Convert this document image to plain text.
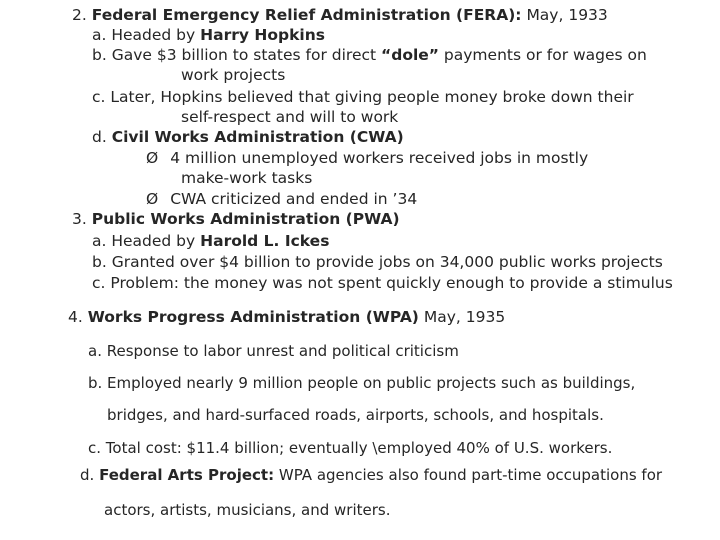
2. Federal Emergency Relief Administration (FERA): May, 1933
a. Headed by Harry Hopkins
b. Gave $3 billion to states for direct “dole” payments or for wages on
work projects
c. Later, Hopkins believed that giving people money broke down their
self-respect and will to work
d. Civil Works Administration (CWA)
Ø 4 million unemployed workers received jobs in mostly
make-work tasks
Ø CWA criticized and ended in ’34
3. Public Works Administration (PWA)
a. Headed by Harold L. Ickes
b. Granted over $4 billion to provide jobs on 34,000 public works projects
c. Problem: the money was not spent quickly enough to provide a stimulus
4. Works Progress Administration (WPA) May, 1935
a. Response to labor unrest and political criticism
b. Employed nearly 9 million people on public projects such as buildings,
bridges, and hard-surfaced roads, airports, schools, and hospitals.
c. Total cost: $11.4 billion; eventually \employed 40% of U.S. workers.
d. Federal Arts Project: WPA agencies also found part-time occupations for
actors, artists, musicians, and writers.
